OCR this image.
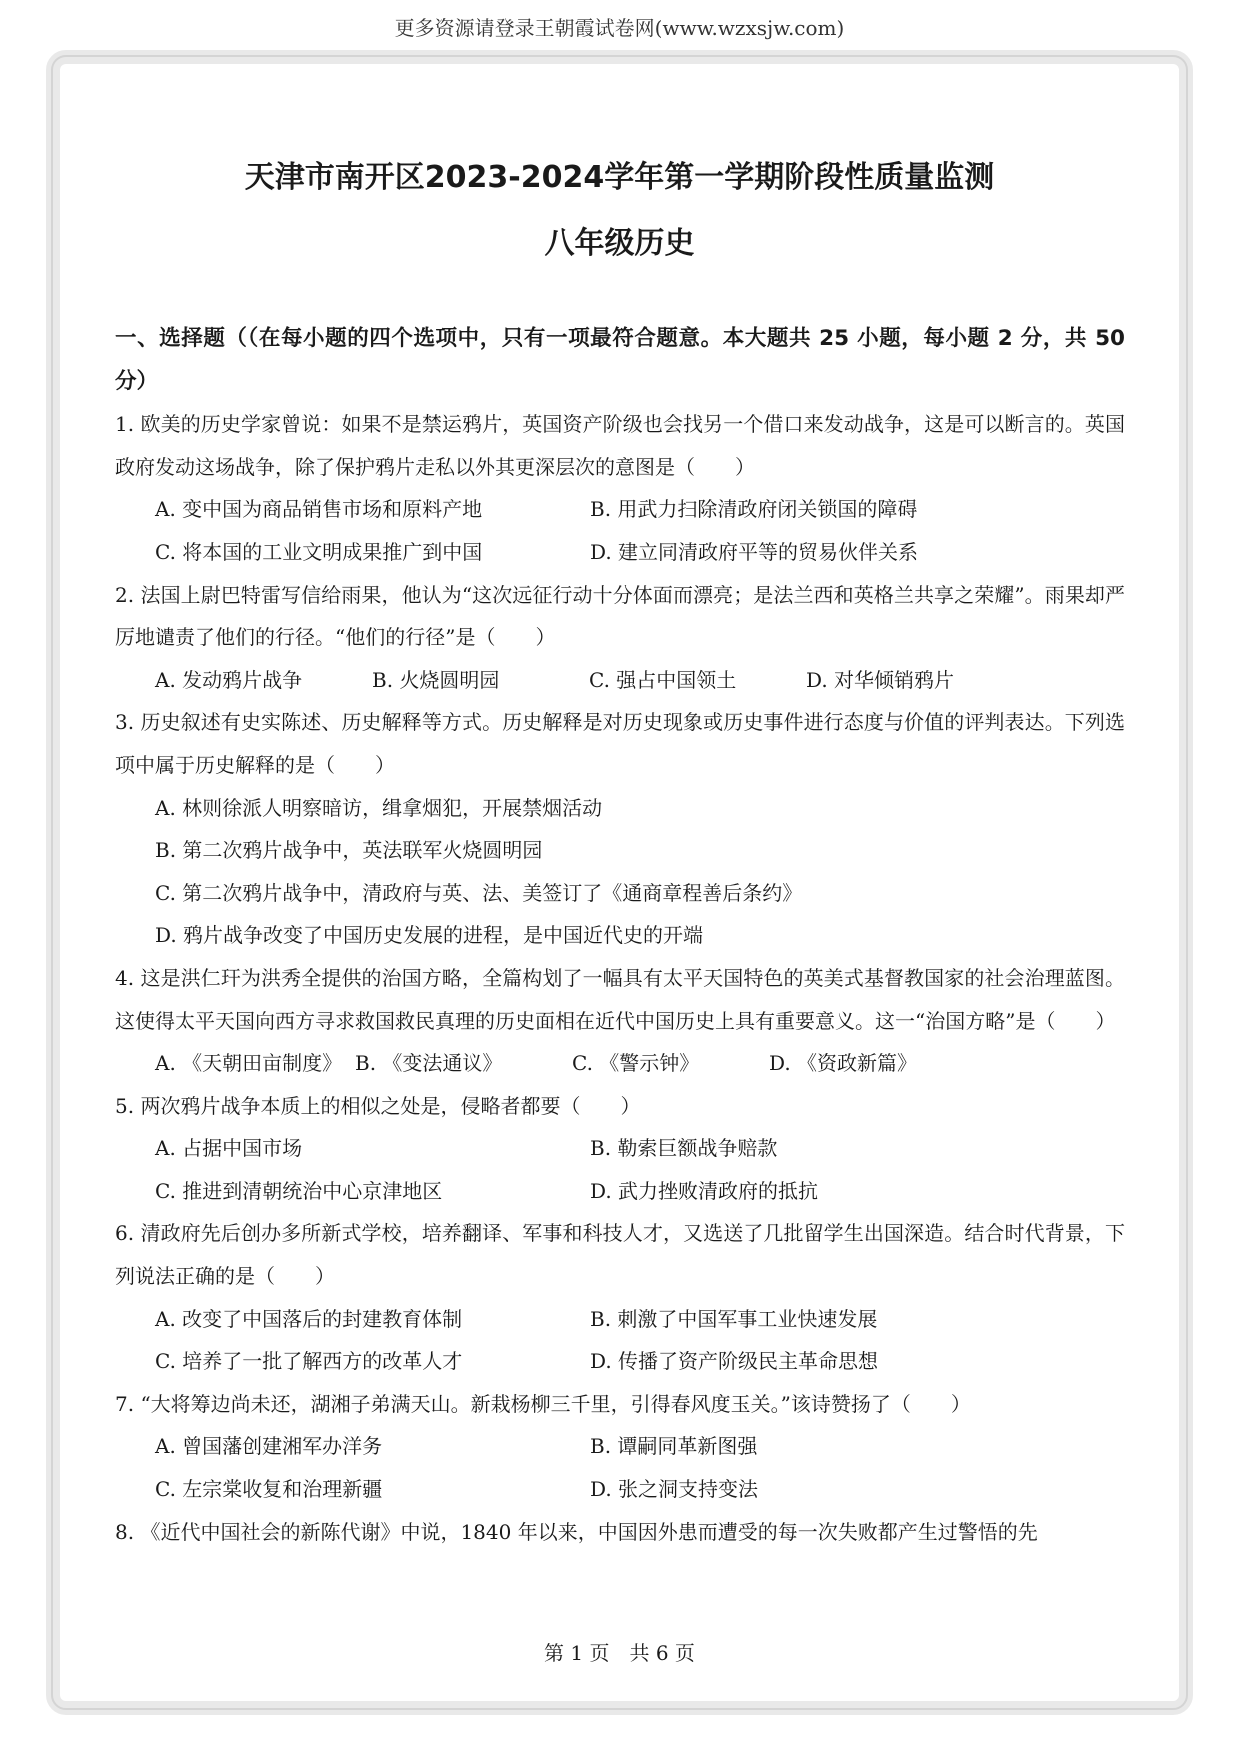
更多资源请登录王朝霞试卷网(www.wzxsjw.com)
天津市南开区2023-2024学年第一学期阶段性质量监测
八年级历史
一、选择题（（在每小题的四个选项中，只有一项最符合题意。本大题共 25 小题，每小题 2 分，共 50 分）
1. 欧美的历史学家曾说：如果不是禁运鸦片，英国资产阶级也会找另一个借口来发动战争，这是可以断言的。英国政府发动这场战争，除了保护鸦片走私以外其更深层次的意图是（　　）
A. 变中国为商品销售市场和原料产地	B. 用武力扫除清政府闭关锁国的障碍
C. 将本国的工业文明成果推广到中国	D. 建立同清政府平等的贸易伙伴关系
2. 法国上尉巴特雷写信给雨果，他认为“这次远征行动十分体面而漂亮；是法兰西和英格兰共享之荣耀”。雨果却严厉地谴责了他们的行径。“他们的行径”是（　　）
A. 发动鸦片战争	B. 火烧圆明园	C. 强占中国领土	D. 对华倾销鸦片
3. 历史叙述有史实陈述、历史解释等方式。历史解释是对历史现象或历史事件进行态度与价值的评判表达。下列选项中属于历史解释的是（　　）
A. 林则徐派人明察暗访，缉拿烟犯，开展禁烟活动
B. 第二次鸦片战争中，英法联军火烧圆明园
C. 第二次鸦片战争中，清政府与英、法、美签订了《通商章程善后条约》
D. 鸦片战争改变了中国历史发展的进程，是中国近代史的开端
4. 这是洪仁玕为洪秀全提供的治国方略，全篇构划了一幅具有太平天国特色的英美式基督教国家的社会治理蓝图。这使得太平天国向西方寻求救国救民真理的历史面相在近代中国历史上具有重要意义。这一“治国方略”是（　　）
A. 《天朝田亩制度》 B. 《变法通议》	C. 《警示钟》	D. 《资政新篇》
5. 两次鸦片战争本质上的相似之处是，侵略者都要（　　）
A. 占据中国市场	B. 勒索巨额战争赔款
C. 推进到清朝统治中心京津地区	D. 武力挫败清政府的抵抗
6. 清政府先后创办多所新式学校，培养翻译、军事和科技人才，又选送了几批留学生出国深造。结合时代背景，下列说法正确的是（　　）
A. 改变了中国落后的封建教育体制	B. 刺激了中国军事工业快速发展
C. 培养了一批了解西方的改革人才	D. 传播了资产阶级民主革命思想
7. “大将筹边尚未还，湖湘子弟满天山。新栽杨柳三千里，引得春风度玉关。”该诗赞扬了（　　）
A. 曾国藩创建湘军办洋务	B. 谭嗣同革新图强
C. 左宗棠收复和治理新疆	D. 张之洞支持变法
8. 《近代中国社会的新陈代谢》中说，1840 年以来，中国因外患而遭受的每一次失败都产生过警悟的先
第 1 页　共 6 页
